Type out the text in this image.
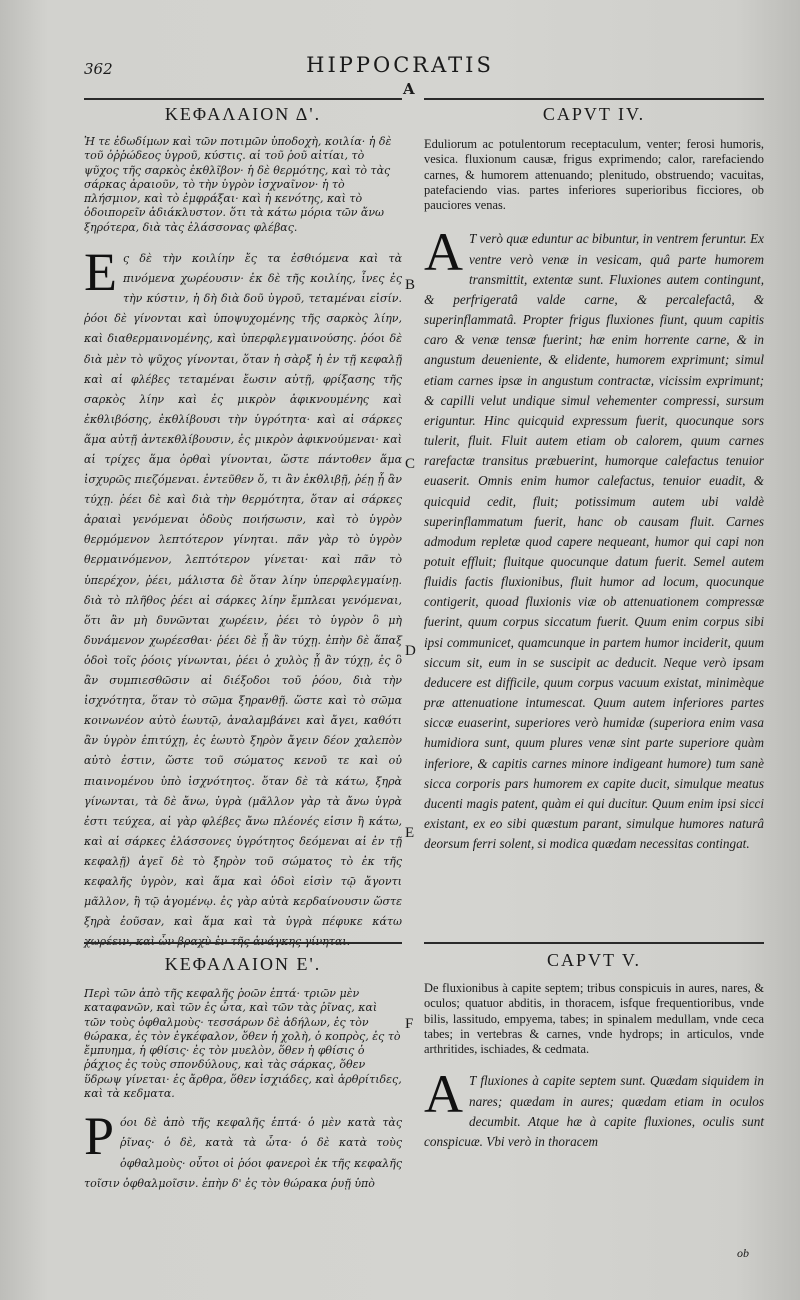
362	HIPPOCRATIS
A

ΚΕΦΑΛΑΙΟΝ Δ'.

Ἡ τε ἐδωδίμων καὶ τῶν ποτιμῶν ὑποδοχὴ, κοιλία· ἡ δὲ τοῦ ὀῤῥώδεος ὑγροῦ, κύστις. αἱ τοῦ ῥοῦ αἰτίαι, τὸ ψῦχος τῆς σαρκὸς ἐκθλῖβον· ἡ δὲ θερμότης, καὶ τὸ τὰς σάρκας ἀραιοῦν, τὸ τὴν ὑγρὸν ἰσχναῖνον· ἡ τὸ πλήσμιον, καὶ τὸ ἐμφράξαι· καὶ ἡ κενότης, καὶ τὸ ὀδοιπορεῖν ἀδιάκλυστον. ὅτι τὰ κάτω μόρια τῶν ἄνω ξηρότερα, διὰ τὰς ἐλάσσονας φλέβας.

Ε ς δὲ τὴν κοιλίην ἔς τα ἐσθιόμενα καὶ τὰ πινόμενα χωρέουσιν· ἐκ δὲ τῆς κοιλίης, ἶνες ἐς τὴν κύστιν, ἡ δὴ διὰ δοῦ ὑγροῦ, τεταμέναι εἰσίν. ῥόοι δὲ γίνονται καὶ ὑποψυχομένης τῆς σαρκὸς λίην, καὶ διαθερμαινομένης, καὶ ὑπερφλεγμαινούσης. ῥόοι δὲ διὰ μὲν τὸ ψῦχος γίνονται, ὅταν ἡ σὰρξ ἡ ἐν τῇ κεφαλῇ καὶ αἱ φλέβες τεταμέναι ἔωσιν αὐτῇ, φρίξασης τῆς σαρκὸς λίην καὶ ἐς μικρὸν ἀφικνουμένης καὶ ἐκθλιβόσης, ἐκθλίβουσι τὴν ὑγρότητα· καὶ αἱ σάρκες ἅμα αὐτῇ ἀντεκθλίβουσιν, ἐς μικρὸν ἀφικνούμεναι· καὶ αἱ τρίχες ἅμα ὀρθαὶ γίνονται, ὥστε πάντοθεν ἅμα ἰσχυρῶς πιεζόμεναι. ἐντεῦθεν ὅ, τι ἂν ἐκθλιβῇ, ῥέῃ ᾗ ἂν τύχῃ. ῥέει δὲ καὶ διὰ τὴν θερμότητα, ὅταν αἱ σάρκες ἀραιαὶ γενόμεναι ὁδοὺς ποιήσωσιν, καὶ τὸ ὑγρὸν θερμόμενον λεπτότερον γίνηται. πᾶν γὰρ τὸ ὑγρὸν θερμαινόμενον, λεπτότερον γίνεται· καὶ πᾶν τὸ ὑπερέχον, ῥέει, μάλιστα δὲ ὅταν λίην ὑπερφλεγμαίνῃ. διὰ τὸ πλῆθος ῥέει αἱ σάρκες λίην ἔμπλεαι γενόμεναι, ὅτι ἂν μὴ δυνῶνται χωρέειν, ῥέει τὸ ὑγρὸν ὃ μὴ δυνάμενον χωρέεσθαι· ῥέει δὲ ᾗ ἂν τύχῃ. ἐπὴν δὲ ἅπαξ ὁδοὶ τοῖς ῥόοις γίνωνται, ῥέει ὁ χυλὸς ᾗ ἂν τύχῃ, ἐς ὃ ἂν συμπιεσθῶσιν αἱ διέξοδοι τοῦ ῥόου, διὰ τὴν ἰσχνότητα, ὅταν τὸ σῶμα ξηρανθῇ. ὥστε καὶ τὸ σῶμα κοινωνέον αὐτὸ ἑωυτῷ, ἀναλαμβάνει καὶ ἄγει, καθότι ἂν ὑγρὸν ἐπιτύχῃ, ἐς ἑωυτὸ ξηρὸν ἄγειν δέον χαλεπὸν αὐτὸ ἐστιν, ὥστε τοῦ σώματος κενοῦ τε καὶ οὐ πιαινομένου ὑπὸ ἰσχνότητος. ὅταν δὲ τὰ κάτω, ξηρὰ γίνωνται, τὰ δὲ ἄνω, ὑγρὰ (μᾶλλον γὰρ τὰ ἄνω ὑγρὰ ἐστι τεύχεα, αἱ γὰρ φλέβες ἄνω πλέονές εἰσιν ἢ κάτω, καὶ αἱ σάρκες ἐλάσσονες ὑγρότητος δεόμεναι αἱ ἐν τῇ κεφαλῇ) ἀγεῖ δὲ τὸ ξηρὸν τοῦ σώματος τὸ ἐκ τῆς κεφαλῆς ὑγρὸν, καὶ ἅμα καὶ ὁδοὶ εἰσὶν τῷ ἄγοντι μᾶλλον, ἢ τῷ ἀγομένῳ. ἐς γὰρ αὐτὰ κερδαίνουσιν ὥστε ξηρὰ ἐοῦσαν, καὶ ἅμα καὶ τὰ ὑγρὰ πέφυκε κάτω χωρέειν, καὶ ὧν βραχὺ ἐν τῆς ἀνάγκης γίνηται.

CAPVT IV.

Eduliorum ac potulentorum receptaculum, venter; ferosi humoris, vesica. fluxionum causæ, frigus exprimendo; calor, rarefaciendo carnes, & humorem attenuando; plenitudo, obstruendo; vacuitas, patefaciendo vias. partes inferiores superioribus ficciores, ob pauciores venas.

A T verò quæ eduntur ac bibuntur, in ventrem feruntur. Ex ventre verò venæ in vesicam, quâ parte humorem transmittit, extentæ sunt. Fluxiones autem contingunt, & perfrigeratâ valde carne, & percalefactâ, & superinflammatâ. Propter frigus fluxiones fiunt, quum capitis caro & venæ tensæ fuerint; hæ enim horrente carne, & in angustum deueniente, & elidente, humorem exprimunt; simul etiam carnes ipsæ in angustum contractæ, vicissim exprimunt; & capilli velut undique simul vehementer compressi, sursum eriguntur. Hinc quicquid expressum fuerit, quocunque sors tulerit, fluit. Fluit autem etiam ob calorem, quum carnes rarefactæ transitus præbuerint, humorque calefactus tenuior euaserit. Omnis enim humor calefactus, tenuior euadit, & quicquid cedit, fluit; potissimum autem ubi valdè superinflammatum fuerit, hanc ob causam fluit. Carnes admodum repletæ quod capere nequeant, humor qui capi non potuit effluit; fluitque quocunque datum fuerit. Semel autem fluidis factis fluxionibus, fluit humor ad locum, quocunque contigerit, quoad fluxionis viæ ob attenuationem compressæ fuerint, quum corpus siccatum fuerit. Quum enim corpus sibi ipsi communicet, quamcunque in partem humor inciderit, quum siccum sit, eum in se suscipit ac deducit. Neque verò ipsam deducere est difficile, quum corpus vacuum existat, minimèque præ attenuatione intumescat. Quum autem inferiores partes siccæ euaserint, superiores verò humidæ (superiora enim vasa humidiora sunt, quum plures venæ sint parte superiore quàm inferiore, & capitis carnes minore indigeant humore) tum sanè sicca corporis pars humorem ex capite ducit, simulque meatus ducenti magis patent, quàm ei qui ducitur. Quum enim ipsi sicci existant, ex eo sibi quæstum parant, simulque humores naturâ deorsum ferri solent, si modica quædam necessitas contingat.

B
C
D
E
F

ΚΕΦΑΛΑΙΟΝ Ε'.

Περὶ τῶν ἀπὸ τῆς κεφαλῆς ῥοῶν ἑπτά· τριῶν μὲν καταφανῶν, καὶ τῶν ἐς ὦτα, καὶ τῶν τὰς ῥῖνας, καὶ τῶν τοὺς ὀφθαλμοὺς· τεσσάρων δὲ ἀδήλων, ἐς τὸν θώρακα, ἐς τὸν ἐγκέφαλον, ὅθεν ἡ χολὴ, ὁ κοπρὸς, ἐς τὸ ἔμπυημα, ἡ φθίσις· ἐς τὸν μυελὸν, ὅθεν ἡ φθίσις ὁ ῥάχιος ἐς τοὺς σπονδύλους, καὶ τὰς σάρκας, ὅθεν ὕδρωψ γίνεται· ἐς ἄρθρα, ὅθεν ἰσχιάδες, καὶ ἀρθρίτιδες, καὶ τὰ κεδματα.

Ρ όοι δὲ ἀπὸ τῆς κεφαλῆς ἑπτά· ὁ μὲν κατὰ τὰς ῥῖνας· ὁ δὲ, κατὰ τὰ ὦτα· ὁ δὲ κατὰ τοὺς ὀφθαλμοὺς· οὗτοι οἱ ῥόοι φανεροὶ ἐκ τῆς κεφαλῆς τοῖσιν ὀφθαλμοῖσιν. ἐπὴν δ' ἐς τὸν θώρακα ῥυῇ ὑπὸ

CAPVT V.

De fluxionibus à capite septem; tribus conspicuis in aures, nares, & oculos; quatuor abditis, in thoracem, isfque frequentioribus, vnde bilis, lassitudo, empyema, tabes; in spinalem medullam, vnde ceca tabes; in vertebras & carnes, vnde hydrops; in articulos, vnde arthritides, ischiades, & cedmata.

A T fluxiones à capite septem sunt. Quædam siquidem in nares; quædam in aures; quædam etiam in oculos decumbit. Atque hæ à capite fluxiones, oculis sunt conspicuæ. Vbi verò in thoracem

ob
